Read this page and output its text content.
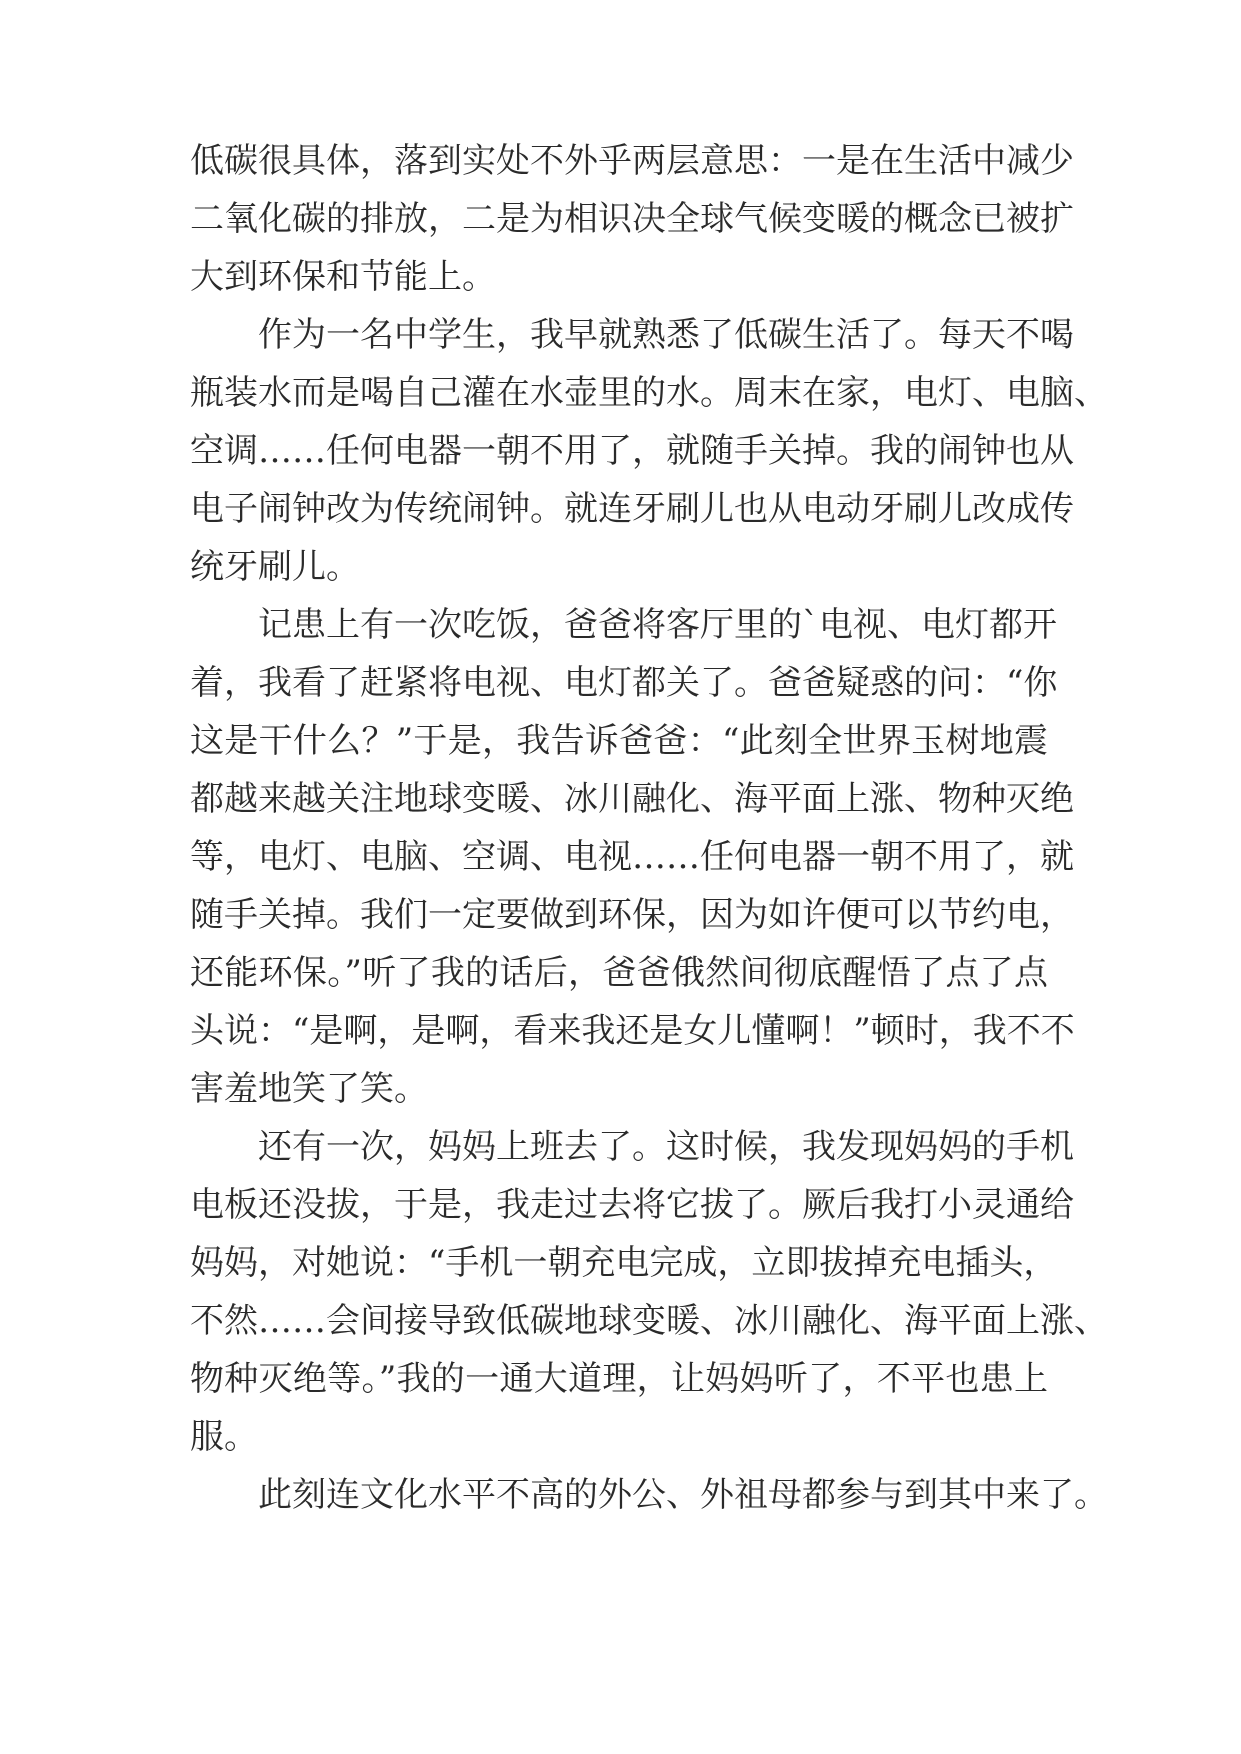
低碳很具体，落到实处不外乎两层意思：一是在生活中减少
二氧化碳的排放，二是为相识决全球气候变暖的概念已被扩
大到环保和节能上。
作为一名中学生，我早就熟悉了低碳生活了。每天不喝
瓶装水而是喝自己灌在水壶里的水。周末在家，电灯、电脑、
空调……任何电器一朝不用了，就随手关掉。我的闹钟也从
电子闹钟改为传统闹钟。就连牙刷儿也从电动牙刷儿改成传
统牙刷儿。
记患上有一次吃饭，爸爸将客厅里的`电视、电灯都开
着，我看了赶紧将电视、电灯都关了。爸爸疑惑的问：“你
这是干什么？”于是，我告诉爸爸：“此刻全世界玉树地震
都越来越关注地球变暖、冰川融化、海平面上涨、物种灭绝
等，电灯、电脑、空调、电视……任何电器一朝不用了，就
随手关掉。我们一定要做到环保，因为如许便可以节约电，
还能环保。”听了我的话后，爸爸俄然间彻底醒悟了点了点
头说：“是啊，是啊，看来我还是女儿懂啊！”顿时，我不不
害羞地笑了笑。
还有一次，妈妈上班去了。这时候，我发现妈妈的手机
电板还没拔，于是，我走过去将它拔了。厥后我打小灵通给
妈妈，对她说：“手机一朝充电完成，立即拔掉充电插头，
不然……会间接导致低碳地球变暖、冰川融化、海平面上涨、
物种灭绝等。”我的一通大道理，让妈妈听了，不平也患上
服。
此刻连文化水平不高的外公、外祖母都参与到其中来了。
